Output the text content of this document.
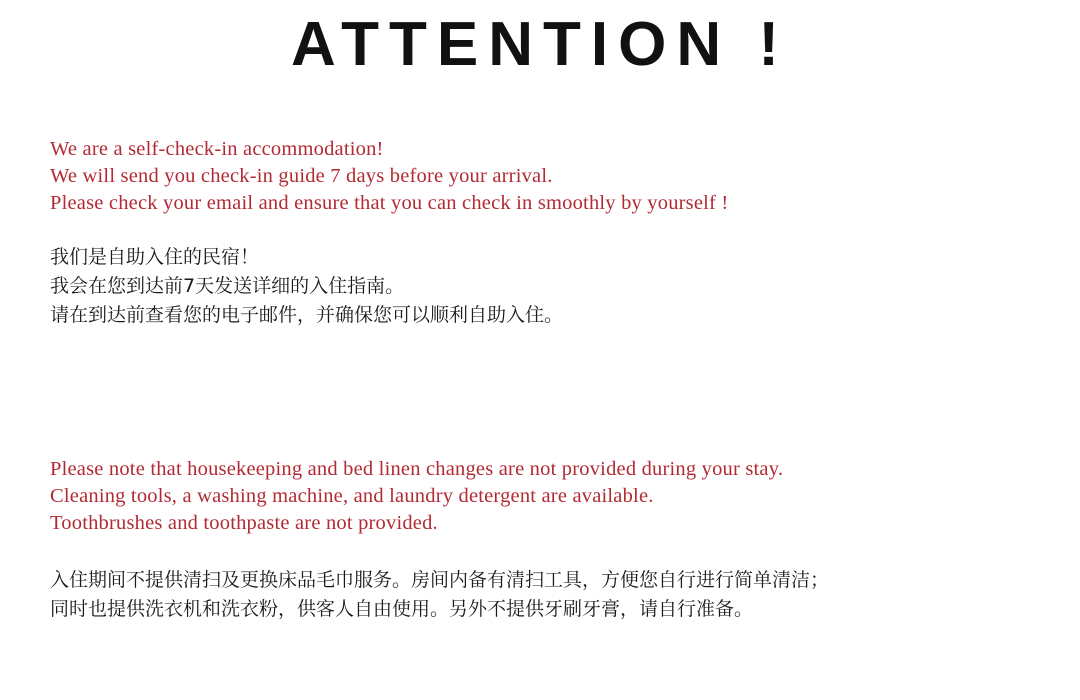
ATTENTION !
We are a self-check-in accommodation!
We will send you check-in guide 7 days before your arrival.
Please check your email and ensure that you can check in smoothly by yourself !
我们是自助入住的民宿！
我会在您到达前7天发送详细的入住指南。
请在到达前查看您的电子邮件，并确保您可以顺利自助入住。
Please note that housekeeping and bed linen changes are not provided during your stay.
Cleaning tools, a washing machine, and laundry detergent are available.
Toothbrushes and toothpaste are not provided.
入住期间不提供清扫及更换床品毛巾服务。房间内备有清扫工具，方便您自行进行简单清洁；
同时也提供洗衣机和洗衣粉，供客人自由使用。另外不提供牙刷牙膏，请自行准备。
